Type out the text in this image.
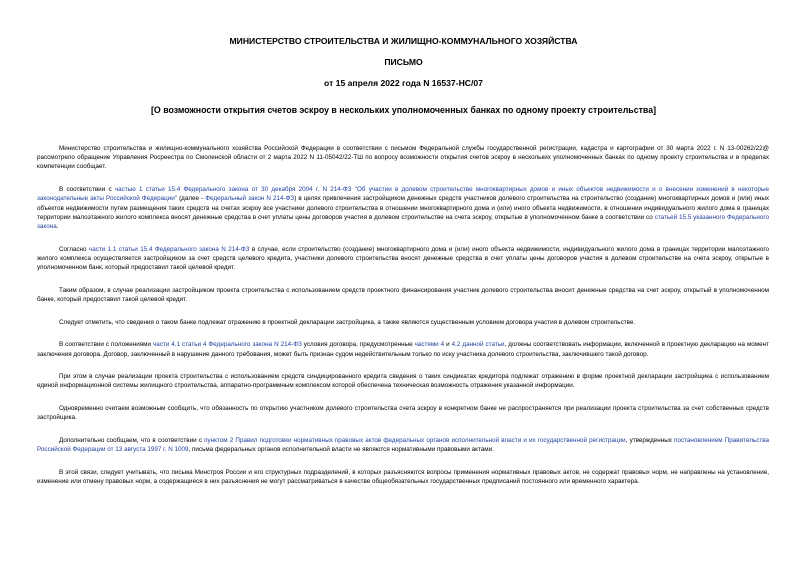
МИНИСТЕРСТВО СТРОИТЕЛЬСТВА И ЖИЛИЩНО-КОММУНАЛЬНОГО ХОЗЯЙСТВА
ПИСЬМО
от 15 апреля 2022 года N 16537-НС/07
[О возможности открытия счетов эскроу в нескольких уполномоченных банках по одному проекту строительства]

Министерство строительства и жилищно-коммунального хозяйства Российской Федерации в соответствии с письмом Федеральной службы государственной регистрации, кадастра и картографии от 30 марта 2022 г. N 13-00262/22@ рассмотрело обращение Управления Росреестра по Смоленской области от 2 марта 2022 N 11-05042/22-ТШ по вопросу возможности открытия счетов эскроу в нескольких уполномоченных банках по одному проекту строительства и в пределах компетенции сообщает.

В соответствии с частью 1 статьи 15.4 Федерального закона от 30 декабря 2004 г. N 214-ФЗ "Об участии в долевом строительстве многоквартирных домов и иных объектов недвижимости и о внесении изменений в некоторые законодательные акты Российской Федерации" (далее - Федеральный закон N 214-ФЗ) в целях привлечения застройщиком денежных средств участников долевого строительства на строительство (создание) многоквартирных домов и (или) иных объектов недвижимости путем размещения таких средств на счетах эскроу все участники долевого строительства в отношении многоквартирного дома и (или) иного объекта недвижимости, в отношении индивидуального жилого дома в границах территории малоэтажного жилого комплекса вносят денежные средства в счет уплаты цены договоров участия в долевом строительстве на счета эскроу, открытые в уполномоченном банке в соответствии со статьей 15.5 указанного Федерального закона.

Согласно части 1.1 статьи 15.4 Федерального закона N 214-ФЗ в случае, если строительство (создание) многоквартирного дома и (или) иного объекта недвижимости, индивидуального жилого дома в границах территории малоэтажного жилого комплекса осуществляется застройщиком за счет средств целевого кредита, участники долевого строительства вносят денежные средства в счет уплаты цены договоров участия в долевом строительстве на счета эскроу, открытые в уполномоченном банк, который предоставил такой целевой кредит.

Таким образом, в случае реализации застройщиком проекта строительства с использованием средств проектного финансирования участник долевого строительства вносит денежные средства на счет эскроу, открытый в уполномоченном банке, который предоставил такой целевой кредит.

Следует отметить, что сведения о таком банке подлежат отражению в проектной декларации застройщика, а также являются существенным условием договора участия в долевом строительстве.

В соответствии с положениями части 4.1 статьи 4 Федерального закона N 214-ФЗ условия договора, предусмотренные частями 4 и 4.2 данной статьи, должны соответствовать информации, включенной в проектную декларацию на момент заключения договора. Договор, заключенный в нарушение данного требования, может быть признан судом недействительным только по иску участника долевого строительства, заключившего такой договор.

При этом в случае реализации проекта строительства с использованием средств синдицированного кредита сведения о таких синдикатах кредитора подлежат отражению в форме проектной декларации застройщика с использованием единой информационной системы жилищного строительства, аппаратно-программным комплексом которой обеспечена техническая возможность отражения указанной информации.

Одновременно считаем возможным сообщить, что обязанность по открытию участником долевого строительства счета эскроу в конкретном банке не распространяется при реализации проекта строительства за счет собственных средств застройщика.

Дополнительно сообщаем, что в соответствии с пунктом 2 Правил подготовки нормативных правовых актов федеральных органов исполнительной власти и их государственной регистрации, утвержденных постановлением Правительства Российской Федерации от 13 августа 1997 г. N 1009, письма федеральных органов исполнительной власти не являются нормативными правовыми актами.

В этой связи, следует учитывать, что письма Минстроя России и его структурных подразделений, в которых разъясняются вопросы применения нормативных правовых актов, не содержат правовых норм, не направлены на установление, изменение или отмену правовых норм, а содержащиеся в них разъяснения не могут рассматриваться в качестве общеобязательных государственных предписаний постоянного или временного характера.
